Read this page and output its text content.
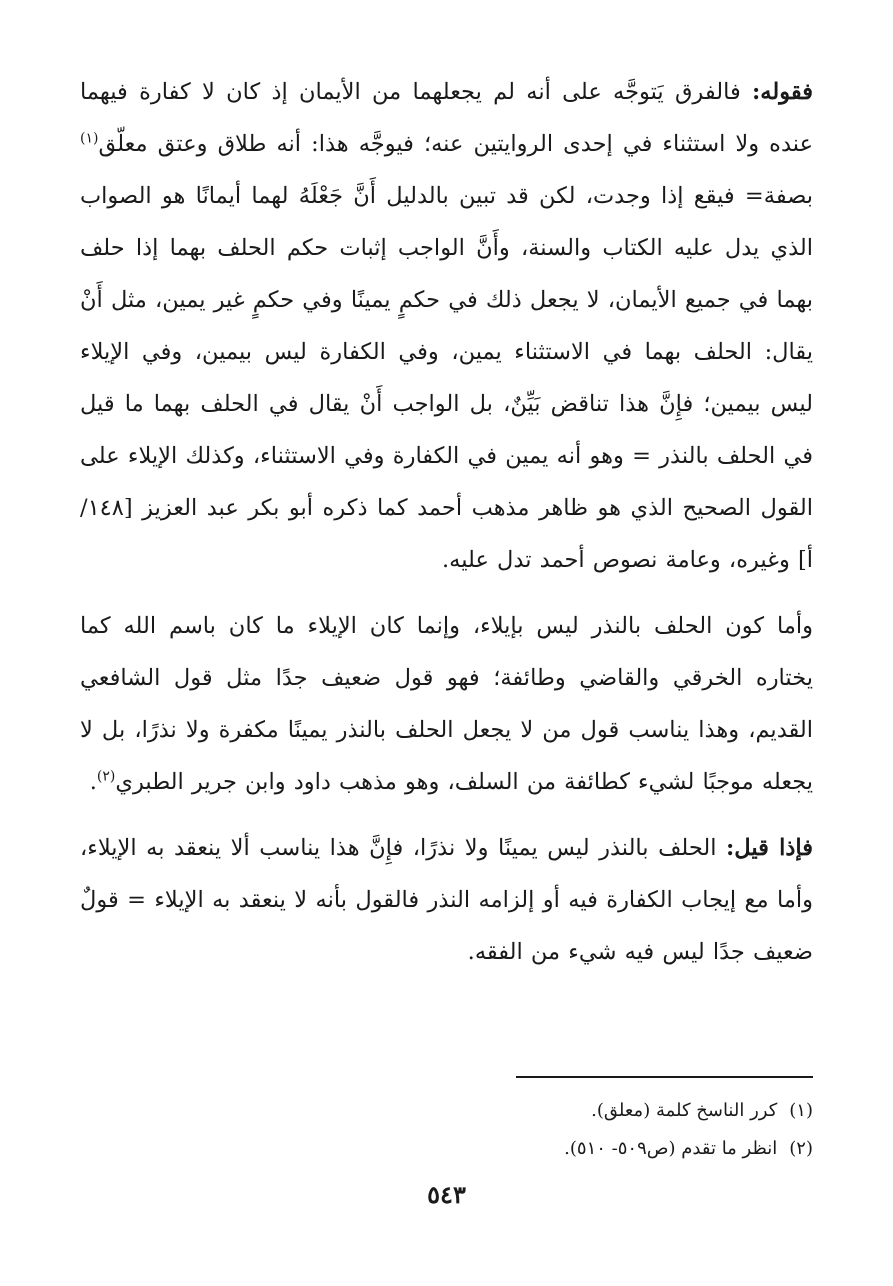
فقوله: فالفرق يَتوجَّه على أنه لم يجعلهما من الأيمان إذ كان لا كفارة فيهما عنده ولا استثناء في إحدى الروايتين عنه؛ فيوجَّه هذا: أنه طلاق وعتق معلّق$^{(١)}$ بصفة= فيقع إذا وجدت، لكن قد تبين بالدليل أَنَّ جَعْلَهُ لهما أيمانًا هو الصواب الذي يدل عليه الكتاب والسنة، وأَنَّ الواجب إثبات حكم الحلف بهما إذا حلف بهما في جميع الأيمان، لا يجعل ذلك في حكمٍ يمينًا وفي حكمٍ غير يمين، مثل أَنْ يقال: الحلف بهما في الاستثناء يمين، وفي الكفارة ليس بيمين، وفي الإيلاء ليس بيمين؛ فإِنَّ هذا تناقض بَيِّنٌ، بل الواجب أَنْ يقال في الحلف بهما ما قيل في الحلف بالنذر = وهو أنه يمين في الكفارة وفي الاستثناء، وكذلك الإيلاء على القول الصحيح الذي هو ظاهر مذهب أحمد كما ذكره أبو بكر عبد العزيز [١٤٨/ أ] وغيره، وعامة نصوص أحمد تدل عليه.

وأما كون الحلف بالنذر ليس بإيلاء، وإنما كان الإيلاء ما كان باسم الله كما يختاره الخرقي والقاضي وطائفة؛ فهو قول ضعيف جدًا مثل قول الشافعي القديم، وهذا يناسب قول من لا يجعل الحلف بالنذر يمينًا مكفرة ولا نذرًا، بل لا يجعله موجبًا لشيء كطائفة من السلف، وهو مذهب داود وابن جرير الطبري$^{(٢)}$.

فإذا قيل: الحلف بالنذر ليس يمينًا ولا نذرًا، فإِنَّ هذا يناسب ألا ينعقد به الإيلاء، وأما مع إيجاب الكفارة فيه أو إلزامه النذر فالقول بأنه لا ينعقد به الإيلاء = قولٌ ضعيف جدًا ليس فيه شيء من الفقه.

(١)كرر الناسخ كلمة (معلق).
(٢)انظر ما تقدم (ص٥٠٩- ٥١٠).
٥٤٣
